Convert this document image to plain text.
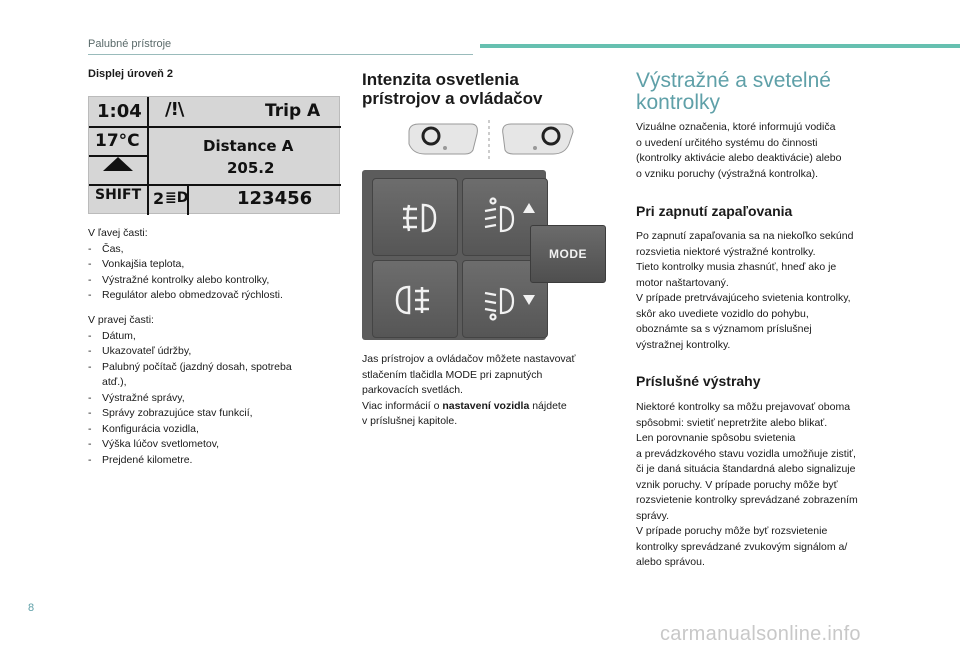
Palubné prístroje
Displej úroveň 2
1:04 /!\	Trip A
17°C	Distance A
205.2
SHIFT 2 ≣D	123456
V ľavej časti:
- Čas,
- Vonkajšia teplota,
- Výstražné kontrolky alebo kontrolky,
- Regulátor alebo obmedzovač rýchlosti.
V pravej časti:
- Dátum,
- Ukazovateľ údržby,
- Palubný počítač (jazdný dosah, spotreba
atď.),
- Výstražné správy,
- Správy zobrazujúce stav funkcií,
- Konfigurácia vozidla,
- Výška lúčov svetlometov,
- Prejdené kilometre.
Intenzita osvetlenia
prístrojov a ovládačov
MODE
Jas prístrojov a ovládačov môžete nastavovať
stlačením tlačidla MODE pri zapnutých
parkovacích svetlách.
Viac informácií o nastavení vozidla nájdete
v príslušnej kapitole.
Výstražné a svetelné
kontrolky
Vizuálne označenia, ktoré informujú vodiča
o uvedení určitého systému do činnosti
(kontrolky aktivácie alebo deaktivácie) alebo
o vzniku poruchy (výstražná kontrolka).
Pri zapnutí zapaľovania
Po zapnutí zapaľovania sa na niekoľko sekúnd
rozsvietia niektoré výstražné kontrolky.
Tieto kontrolky musia zhasnúť, hneď ako je
motor naštartovaný.
V prípade pretrvávajúceho svietenia kontrolky,
skôr ako uvediete vozidlo do pohybu,
oboznámte sa s významom príslušnej
výstražnej kontrolky.
Príslušné výstrahy
Niektoré kontrolky sa môžu prejavovať oboma
spôsobmi: svietiť nepretržite alebo blikať.
Len porovnanie spôsobu svietenia
a prevádzkového stavu vozidla umožňuje zistiť,
či je daná situácia štandardná alebo signalizuje
vznik poruchy. V prípade poruchy môže byť
rozsvietenie kontrolky sprevádzané zobrazením
správy.
V prípade poruchy môže byť rozsvietenie
kontrolky sprevádzané zvukovým signálom a/
alebo správou.
8
carmanualsonline.info
